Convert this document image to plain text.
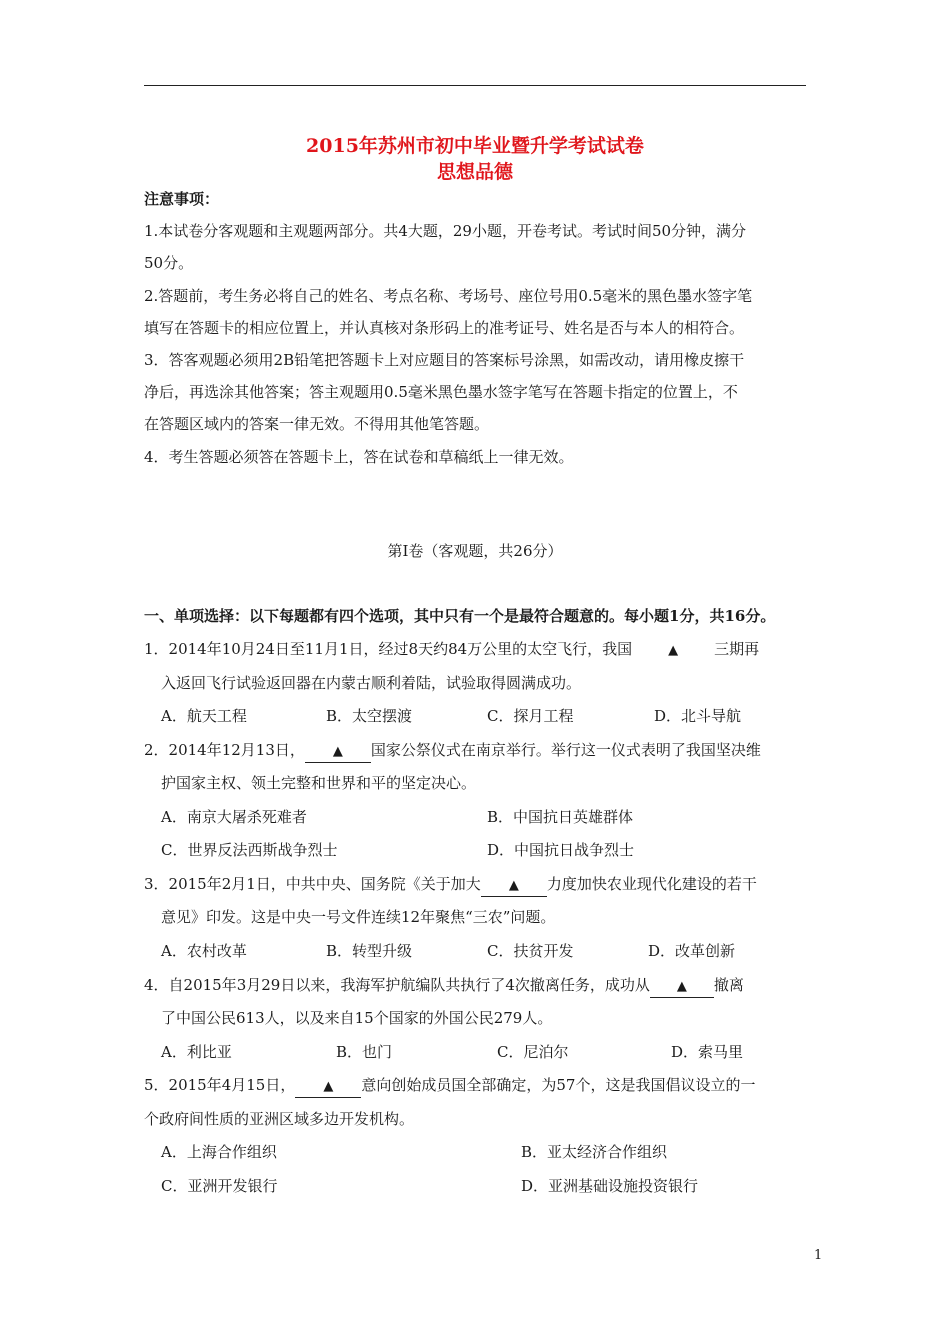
2015年苏州市初中毕业暨升学考试试卷
思想品德
注意事项：
1.本试卷分客观题和主观题两部分。共4大题，29小题，开卷考试。考试时间50分钟，满分
50分。
2.答题前，考生务必将自己的姓名、考点名称、考场号、座位号用0.5毫米的黑色墨水签字笔
填写在答题卡的相应位置上，并认真核对条形码上的准考证号、姓名是否与本人的相符合。
3．答客观题必须用2B铅笔把答题卡上对应题目的答案标号涂黑，如需改动，请用橡皮擦干
净后，再选涂其他答案；答主观题用0.5毫米黑色墨水签字笔写在答题卡指定的位置上，不
在答题区域内的答案一律无效。不得用其他笔答题。
4．考生答题必须答在答题卡上，答在试卷和草稿纸上一律无效。
第Ⅰ卷（客观题，共26分）
一、单项选择：以下每题都有四个选项，其中只有一个是最符合题意的。每小题1分，共16分。
1．2014年10月24日至11月1日，经过8天约84万公里的太空飞行，我国	▲ 三期再
入返回飞行试验返回器在内蒙古顺利着陆，试验取得圆满成功。
A．航天工程	B．太空摆渡	C．探月工程	D．北斗导航
2．2014年12月13日， ▲ 国家公祭仪式在南京举行。举行这一仪式表明了我国坚决维
护国家主权、领土完整和世界和平的坚定决心。
A．南京大屠杀死难者	B．中国抗日英雄群体
C．世界反法西斯战争烈士	D．中国抗日战争烈士
3．2015年2月1日，中共中央、国务院《关于加大 ▲ 力度加快农业现代化建设的若干
意见》印发。这是中央一号文件连续12年聚焦“三农”问题。
A．农村改革	B．转型升级	C．扶贫开发	D．改革创新
4．自2015年3月29日以来，我海军护航编队共执行了4次撤离任务，成功从 ▲ 撤离
了中国公民613人，以及来自15个国家的外国公民279人。
A．利比亚	B．也门	C．尼泊尔	D．索马里
5．2015年4月15日， ▲ 意向创始成员国全部确定，为57个，这是我国倡议设立的一
个政府间性质的亚洲区域多边开发机构。
A．上海合作组织	B．亚太经济合作组织
C．亚洲开发银行	D．亚洲基础设施投资银行
1
